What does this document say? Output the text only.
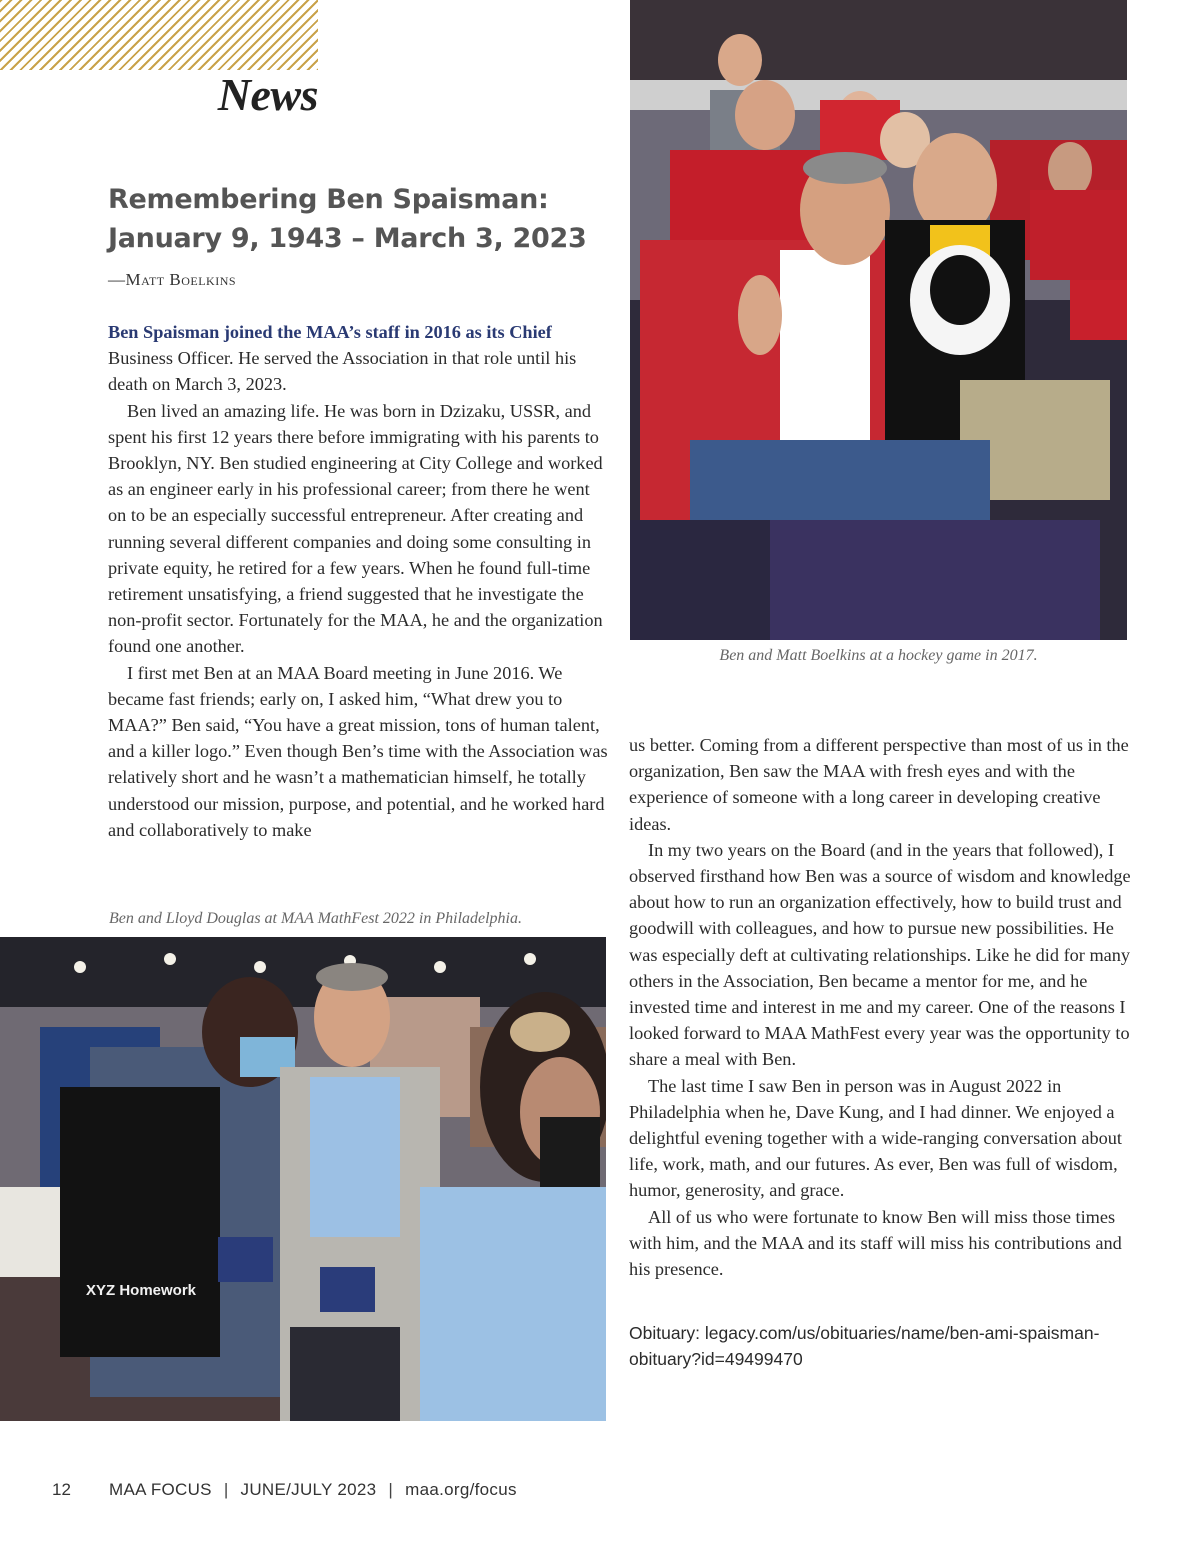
News
Remembering Ben Spaisman:
January 9, 1943 – March 3, 2023
—Matt Boelkins

Ben Spaisman joined the MAA’s staff in 2016 as its Chief Business Officer. He served the Association in that role until his death on March 3, 2023.

Ben lived an amazing life. He was born in Dzizaku, USSR, and spent his first 12 years there before immigrating with his parents to Brooklyn, NY. Ben studied engineering at City College and worked as an engineer early in his professional career; from there he went on to be an especially successful entrepreneur. After creating and running several different companies and doing some consulting in private equity, he retired for a few years. When he found full-time retirement unsatisfying, a friend suggested that he investigate the non-profit sector. Fortunately for the MAA, he and the organization found one another.

I first met Ben at an MAA Board meeting in June 2016. We became fast friends; early on, I asked him, “What drew you to MAA?” Ben said, “You have a great mission, tons of human talent, and a killer logo.” Even though Ben’s time with the Association was relatively short and he wasn’t a mathematician himself, he totally understood our mission, purpose, and potential, and he worked hard and collaboratively to make

Ben and Matt Boelkins at a hockey game in 2017.
Ben and Lloyd Douglas at MAA MathFest 2022 in Philadelphia.
XYZ Homework

us better. Coming from a different perspective than most of us in the organization, Ben saw the MAA with fresh eyes and with the experience of someone with a long career in developing creative ideas.

In my two years on the Board (and in the years that followed), I observed firsthand how Ben was a source of wisdom and knowledge about how to run an organization effectively, how to build trust and goodwill with colleagues, and how to pursue new possibilities. He was especially deft at cultivating relationships. Like he did for many others in the Association, Ben became a mentor for me, and he invested time and interest in me and my career. One of the reasons I looked forward to MAA MathFest every year was the opportunity to share a meal with Ben.

The last time I saw Ben in person was in August 2022 in Philadelphia when he, Dave Kung, and I had dinner. We enjoyed a delightful evening together with a wide-ranging conversation about life, work, math, and our futures. As ever, Ben was full of wisdom, humor, generosity, and grace.

All of us who were fortunate to know Ben will miss those times with him, and the MAA and its staff will miss his contributions and his presence.

Obituary: legacy.com/us/obituaries/name/ben-ami-spaisman-obituary?id=49499470
12 MAA FOCUS | JUNE/JULY 2023 | maa.org/focus
